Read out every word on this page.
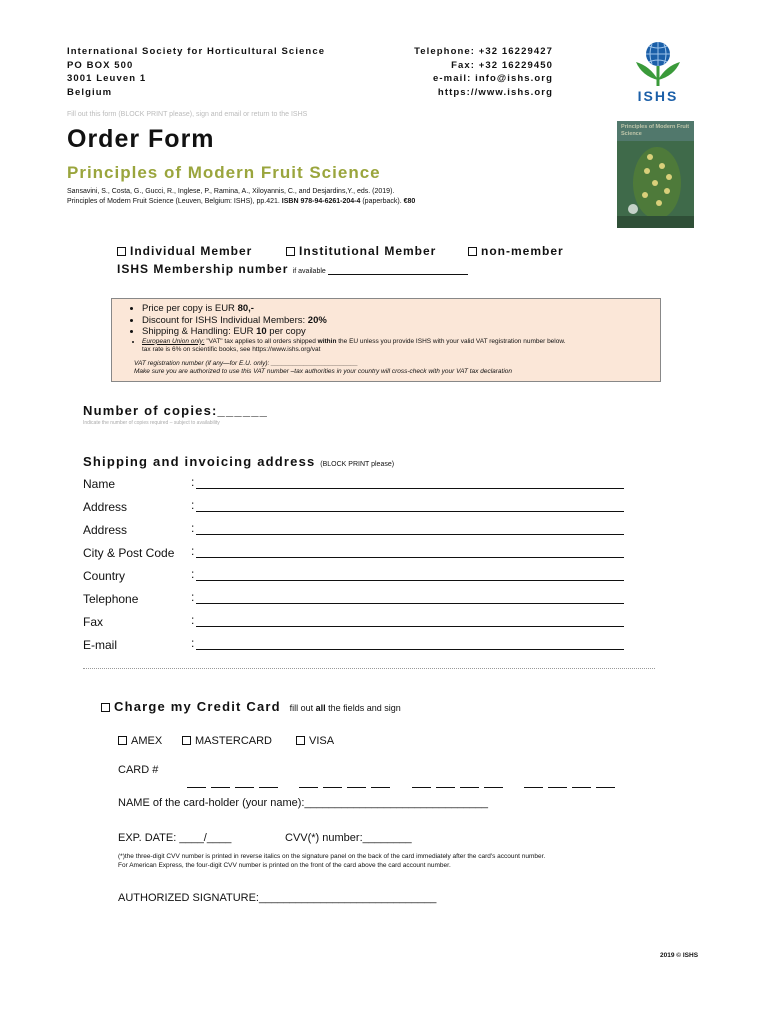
International Society for Horticultural Science
PO BOX 500
3001 Leuven 1
Belgium
Telephone: +32 16229427
Fax: +32 16229450
e-mail: info@ishs.org
https://www.ishs.org	ISHS
Fill out this form (BLOCK PRINT please), sign and email or return to the ISHS
Order Form
Principles of Modern Fruit Science
Sansavini, S., Costa, G., Gucci, R., Inglese, P., Ramina, A., Xiloyannis, C., and Desjardins,Y., eds. (2019).
Principles of Modern Fruit Science (Leuven, Belgium: ISHS), pp.421. ISBN 978-94-6261-204-4 (paperback). €80
Principles of Modern Fruit Science
Individual Member	Institutional Member	non-member
ISHS Membership number if available
• Price per copy is EUR 80,-
• Discount for ISHS Individual Members: 20%
• Shipping & Handling: EUR 10 per copy
• European Union only: "VAT" tax applies to all orders shipped within the EU unless you provide ISHS with your valid VAT registration number below.
tax rate is 6% on scientific books, see https://www.ishs.org/vat
VAT registration number (if any—for E.U. only): ________________________
Make sure you are authorized to use this VAT number –tax authorities in your country will cross-check with your VAT tax declaration
Number of copies:______
Indicate the number of copies required – subject to availability
Shipping and invoicing address (BLOCK PRINT please)
Name	:
Address	:
Address	:
City & Post Code :
Country	:
Telephone	:
Fax	:
E-mail	:
Charge my Credit Card fill out all the fields and sign
AMEX	MASTERCARD	VISA
CARD #

NAME of the card-holder (your name):______________________________
EXP. DATE: ____/____	CVV(*) number:________
(*)the three-digit CVV number is printed in reverse italics on the signature panel on the back of the card immediately after the card's account number.
For American Express, the four-digit CVV number is printed on the front of the card above the card account number.
AUTHORIZED SIGNATURE:_____________________________
2019 © ISHS
